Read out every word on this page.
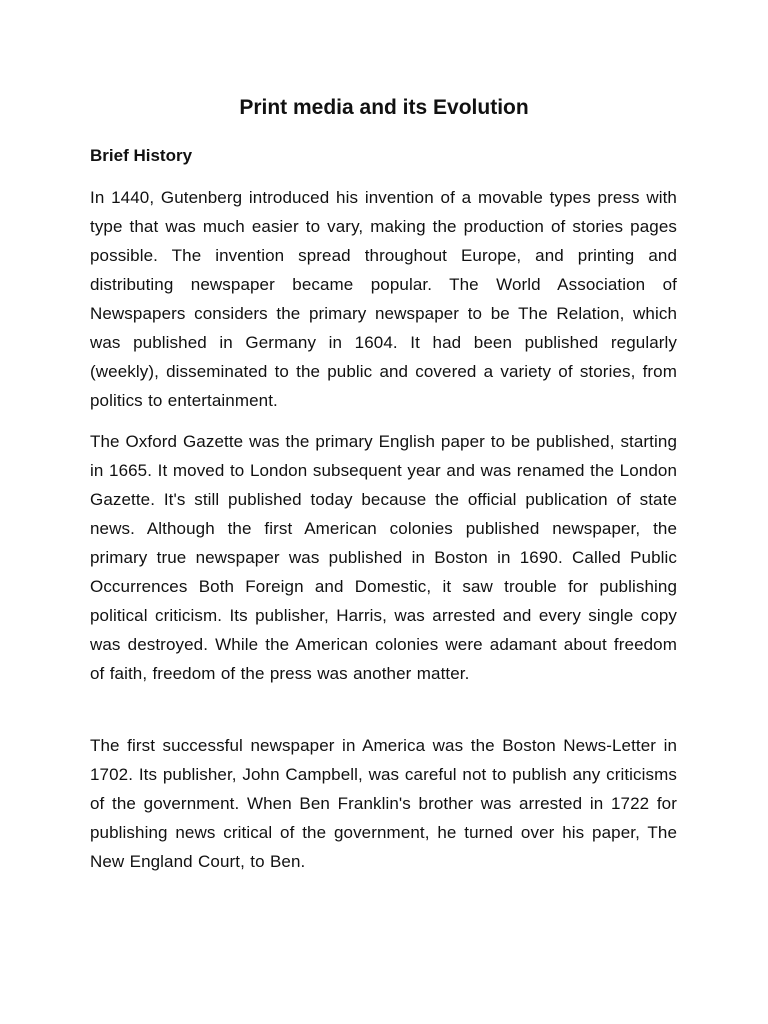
Print media and its Evolution
Brief History

In 1440, Gutenberg introduced his invention of a movable types press with type that was much easier to vary, making the production of stories pages possible. The invention spread throughout Europe, and printing and distributing newspaper became popular. The World Association of Newspapers considers the primary newspaper to be The Relation, which was published in Germany in 1604. It had been published regularly (weekly), disseminated to the public and covered a variety of stories, from politics to entertainment.

The Oxford Gazette was the primary English paper to be published, starting in 1665. It moved to London subsequent year and was renamed the London Gazette. It's still published today because the official publication of state news. Although the first American colonies published newspaper, the primary true newspaper was published in Boston in 1690. Called Public Occurrences Both Foreign and Domestic, it saw trouble for publishing political criticism. Its publisher, Harris, was arrested and every single copy was destroyed. While the American colonies were adamant about freedom of faith, freedom of the press was another matter.

The first successful newspaper in America was the Boston News-Letter in 1702. Its publisher, John Campbell, was careful not to publish any criticisms of the government. When Ben Franklin's brother was arrested in 1722 for publishing news critical of the government, he turned over his paper, The New England Court, to Ben.
